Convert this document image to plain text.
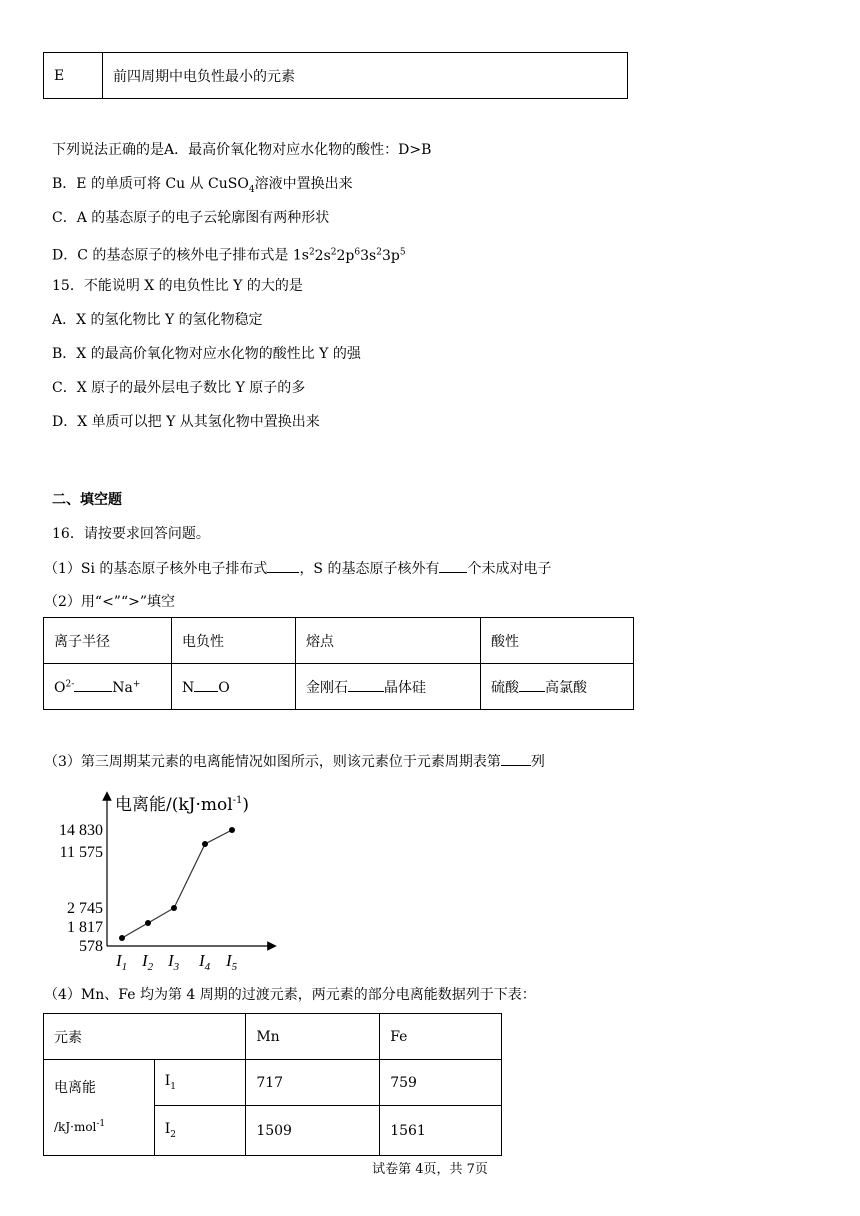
E	前四周期中电负性最小的元素
下列说法正确的是A．最高价氧化物对应水化物的酸性：D>B
B．E 的单质可将 Cu 从 CuSO$_4$溶液中置换出来
C．A 的基态原子的电子云轮廓图有两种形状
D．C 的基态原子的核外电子排布式是 $1s^22s^22p^63s^23p^5$
15．不能说明 X 的电负性比 Y 的大的是
A．X 的氢化物比 Y 的氢化物稳定
B．X 的最高价氧化物对应水化物的酸性比 Y 的强
C．X 原子的最外层电子数比 Y 原子的多
D．X 单质可以把 Y 从其氢化物中置换出来
二、填空题
16．请按要求回答问题。
（1）Si 的基态原子核外电子排布式 ，S 的基态原子核外有 个未成对电子
（2）用“<”“>”填空
离子半径	电负性	熔点	酸性
$O^{2-}$ Na+	N O	金刚石 晶体硅	硫酸 高氯酸
（3）第三周期某元素的电离能情况如图所示，则该元素位于元素周期表第 列
电离能/(kJ·mol$^{-1}$)
14 830
11 575
2 745
1 817
578
$I_1$ $I_2$ $I_3$ $I_4$ $I_5$
（4）Mn、Fe 均为第 4 周期的过渡元素，两元素的部分电离能数据列于下表：
元素		Mn	Fe

电离能
/kJ·mol$^{-1}$	$I_1$	717	759
	$I_2$	1509	1561
试卷第 4页，共 7页
